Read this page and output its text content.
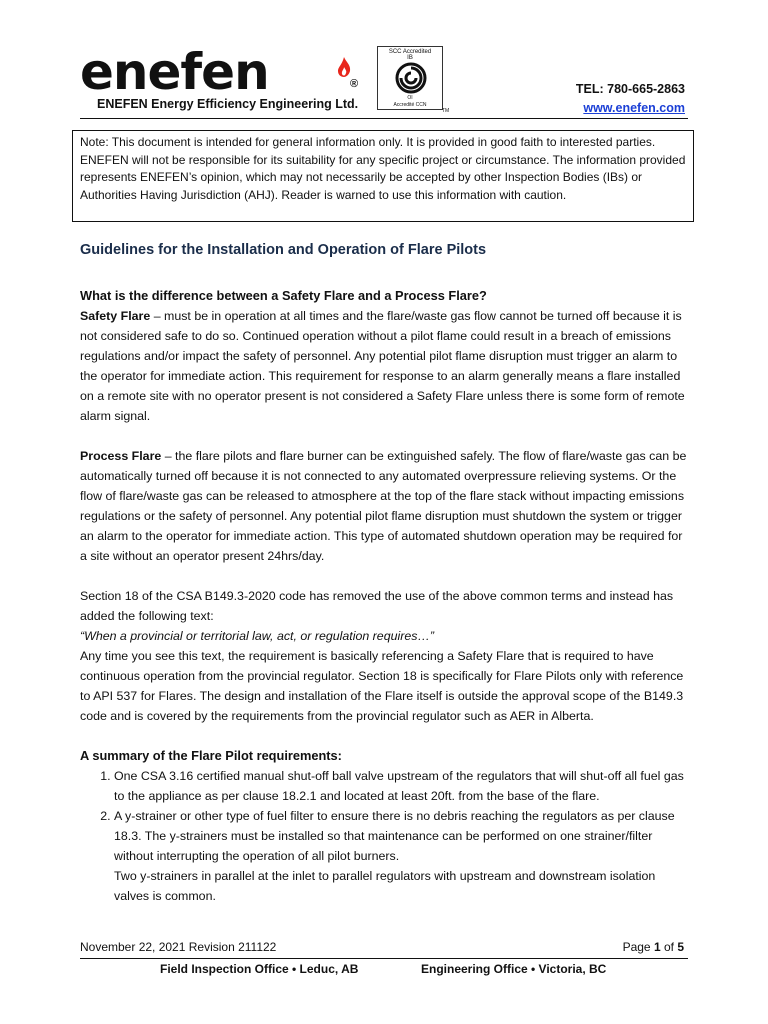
enefen	®
ENEFEN Energy Efficiency Engineering Ltd.
SCC Accredited
IB
OI
Accredité CCN
TM
TEL: 780-665-2863
www.enefen.com
Note: This document is intended for general information only. It is provided in good faith to interested parties. ENEFEN will not be responsible for its suitability for any specific project or circumstance. The information provided represents ENEFEN’s opinion, which may not necessarily be accepted by other Inspection Bodies (IBs) or Authorities Having Jurisdiction (AHJ). Reader is warned to use this information with caution.
Guidelines for the Installation and Operation of Flare Pilots

What is the difference between a Safety Flare and a Process Flare?

Safety Flare – must be in operation at all times and the flare/waste gas flow cannot be turned off because it is not considered safe to do so. Continued operation without a pilot flame could result in a breach of emissions regulations and/or impact the safety of personnel. Any potential pilot flame disruption must trigger an alarm to the operator for immediate action. This requirement for response to an alarm generally means a flare installed on a remote site with no operator present is not considered a Safety Flare unless there is some form of remote alarm signal.

Process Flare – the flare pilots and flare burner can be extinguished safely. The flow of flare/waste gas can be automatically turned off because it is not connected to any automated overpressure relieving systems. Or the flow of flare/waste gas can be released to atmosphere at the top of the flare stack without impacting emissions regulations or the safety of personnel. Any potential pilot flame disruption must shutdown the system or trigger an alarm to the operator for immediate action. This type of automated shutdown operation may be required for a site without an operator present 24hrs/day.

Section 18 of the CSA B149.3-2020 code has removed the use of the above common terms and instead has added the following text:

“When a provincial or territorial law, act, or regulation requires…”

Any time you see this text, the requirement is basically referencing a Safety Flare that is required to have continuous operation from the provincial regulator. Section 18 is specifically for Flare Pilots only with reference to API 537 for Flares. The design and installation of the Flare itself is outside the approval scope of the B149.3 code and is covered by the requirements from the provincial regulator such as AER in Alberta.

A summary of the Flare Pilot requirements:

1. One CSA 3.16 certified manual shut-off ball valve upstream of the regulators that will shut-off all fuel gas to the appliance as per clause 18.2.1 and located at least 20ft. from the base of the flare.
2. A y-strainer or other type of fuel filter to ensure there is no debris reaching the regulators as per clause 18.3. The y-strainers must be installed so that maintenance can be performed on one strainer/filter without interrupting the operation of all pilot burners.
Two y-strainers in parallel at the inlet to parallel regulators with upstream and downstream isolation valves is common.
November 22, 2021 Revision 211122	Page 1 of 5
Field Inspection Office • Leduc, AB	Engineering Office • Victoria, BC
